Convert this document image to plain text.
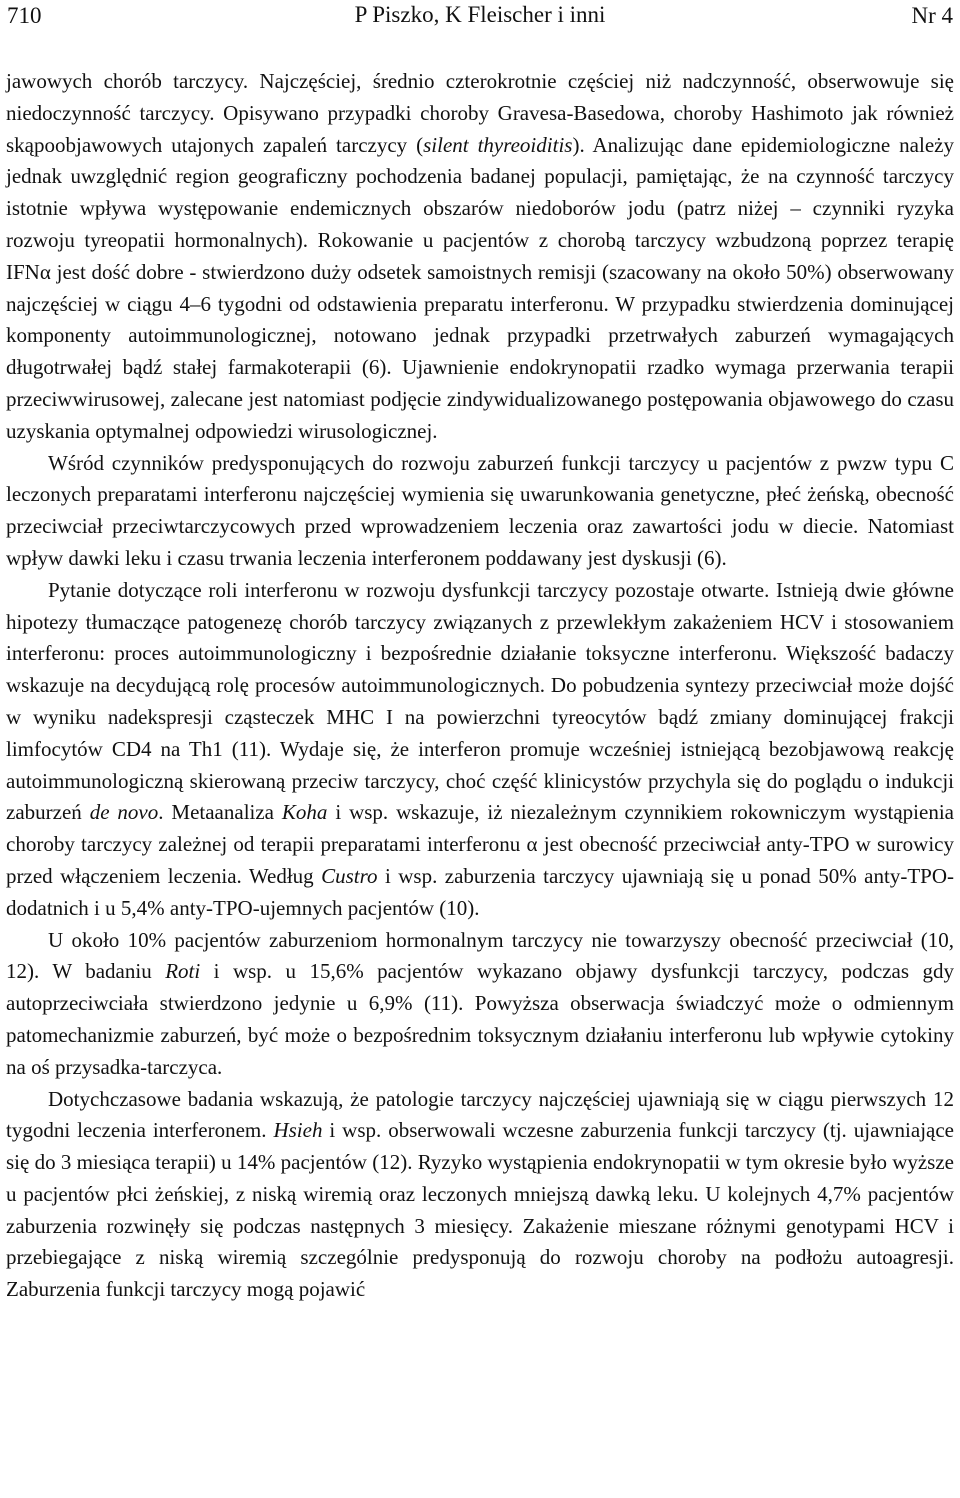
710	P Piszko, K Fleischer i inni	Nr 4

jawowych chorób tarczycy. Najczęściej, średnio czterokrotnie częściej niż nadczynność, obserwowuje się niedoczynność tarczycy. Opisywano przypadki choroby Gravesa-Basedowa, choroby Hashimoto jak również skąpoobjawowych utajonych zapaleń tarczycy (silent thyreoiditis). Analizując dane epidemiologiczne należy jednak uwzględnić region geograficzny pochodzenia badanej populacji, pamiętając, że na czynność tarczycy istotnie wpływa występowanie endemicznych obszarów niedoborów jodu (patrz niżej – czynniki ryzyka rozwoju tyreopatii hormonalnych). Rokowanie u pacjentów z chorobą tarczycy wzbudzoną poprzez terapię IFNα jest dość dobre - stwierdzono duży odsetek samoistnych remisji (szacowany na około 50%) obserwowany najczęściej w ciągu 4–6 tygodni od odstawienia preparatu interferonu. W przypadku stwierdzenia dominującej komponenty autoimmunologicznej, notowano jednak przypadki przetrwałych zaburzeń wymagających długotrwałej bądź stałej farmakoterapii (6). Ujawnienie endokrynopatii rzadko wymaga przerwania terapii przeciwwirusowej, zalecane jest natomiast podjęcie zindywidualizowanego postępowania objawowego do czasu uzyskania optymalnej odpowiedzi wirusologicznej.

Wśród czynników predysponujących do rozwoju zaburzeń funkcji tarczycy u pacjentów z pwzw typu C leczonych preparatami interferonu najczęściej wymienia się uwarunkowania genetyczne, płeć żeńską, obecność przeciwciał przeciwtarczycowych przed wprowadzeniem leczenia oraz zawartości jodu w diecie. Natomiast wpływ dawki leku i czasu trwania leczenia interferonem poddawany jest dyskusji (6).

Pytanie dotyczące roli interferonu w rozwoju dysfunkcji tarczycy pozostaje otwarte. Istnieją dwie główne hipotezy tłumaczące patogenezę chorób tarczycy związanych z przewlekłym zakażeniem HCV i stosowaniem interferonu: proces autoimmunologiczny i bezpośrednie działanie toksyczne interferonu. Większość badaczy wskazuje na decydującą rolę procesów autoimmunologicznych. Do pobudzenia syntezy przeciwciał może dojść w wyniku nadekspresji cząsteczek MHC I na powierzchni tyreocytów bądź zmiany dominującej frakcji limfocytów CD4 na Th1 (11). Wydaje się, że interferon promuje wcześniej istniejącą bezobjawową reakcję autoimmunologiczną skierowaną przeciw tarczycy, choć część klinicystów przychyla się do poglądu o indukcji zaburzeń de novo. Metaanaliza Koha i wsp. wskazuje, iż niezależnym czynnikiem rokowniczym wystąpienia choroby tarczycy zależnej od terapii preparatami interferonu α jest obecność przeciwciał anty-TPO w surowicy przed włączeniem leczenia. Według Custro i wsp. zaburzenia tarczycy ujawniają się u ponad 50% anty-TPO-dodatnich i u 5,4% anty-TPO-ujemnych pacjentów (10).

U około 10% pacjentów zaburzeniom hormonalnym tarczycy nie towarzyszy obecność przeciwciał (10, 12). W badaniu Roti i wsp. u 15,6% pacjentów wykazano objawy dysfunkcji tarczycy, podczas gdy autoprzeciwciała stwierdzono jedynie u 6,9% (11). Powyższa obserwacja świadczyć może o odmiennym patomechanizmie zaburzeń, być może o bezpośrednim toksycznym działaniu interferonu lub wpływie cytokiny na oś przysadka-tarczyca.

Dotychczasowe badania wskazują, że patologie tarczycy najczęściej ujawniają się w ciągu pierwszych 12 tygodni leczenia interferonem. Hsieh i wsp. obserwowali wczesne zaburzenia funkcji tarczycy (tj. ujawniające się do 3 miesiąca terapii) u 14% pacjentów (12). Ryzyko wystąpienia endokrynopatii w tym okresie było wyższe u pacjentów płci żeńskiej, z niską wiremią oraz leczonych mniejszą dawką leku. U kolejnych 4,7% pacjentów zaburzenia rozwinęły się podczas następnych 3 miesięcy. Zakażenie mieszane różnymi genotypami HCV i przebiegające z niską wiremią szczególnie predysponują do rozwoju choroby na podłożu autoagresji. Zaburzenia funkcji tarczycy mogą pojawić
